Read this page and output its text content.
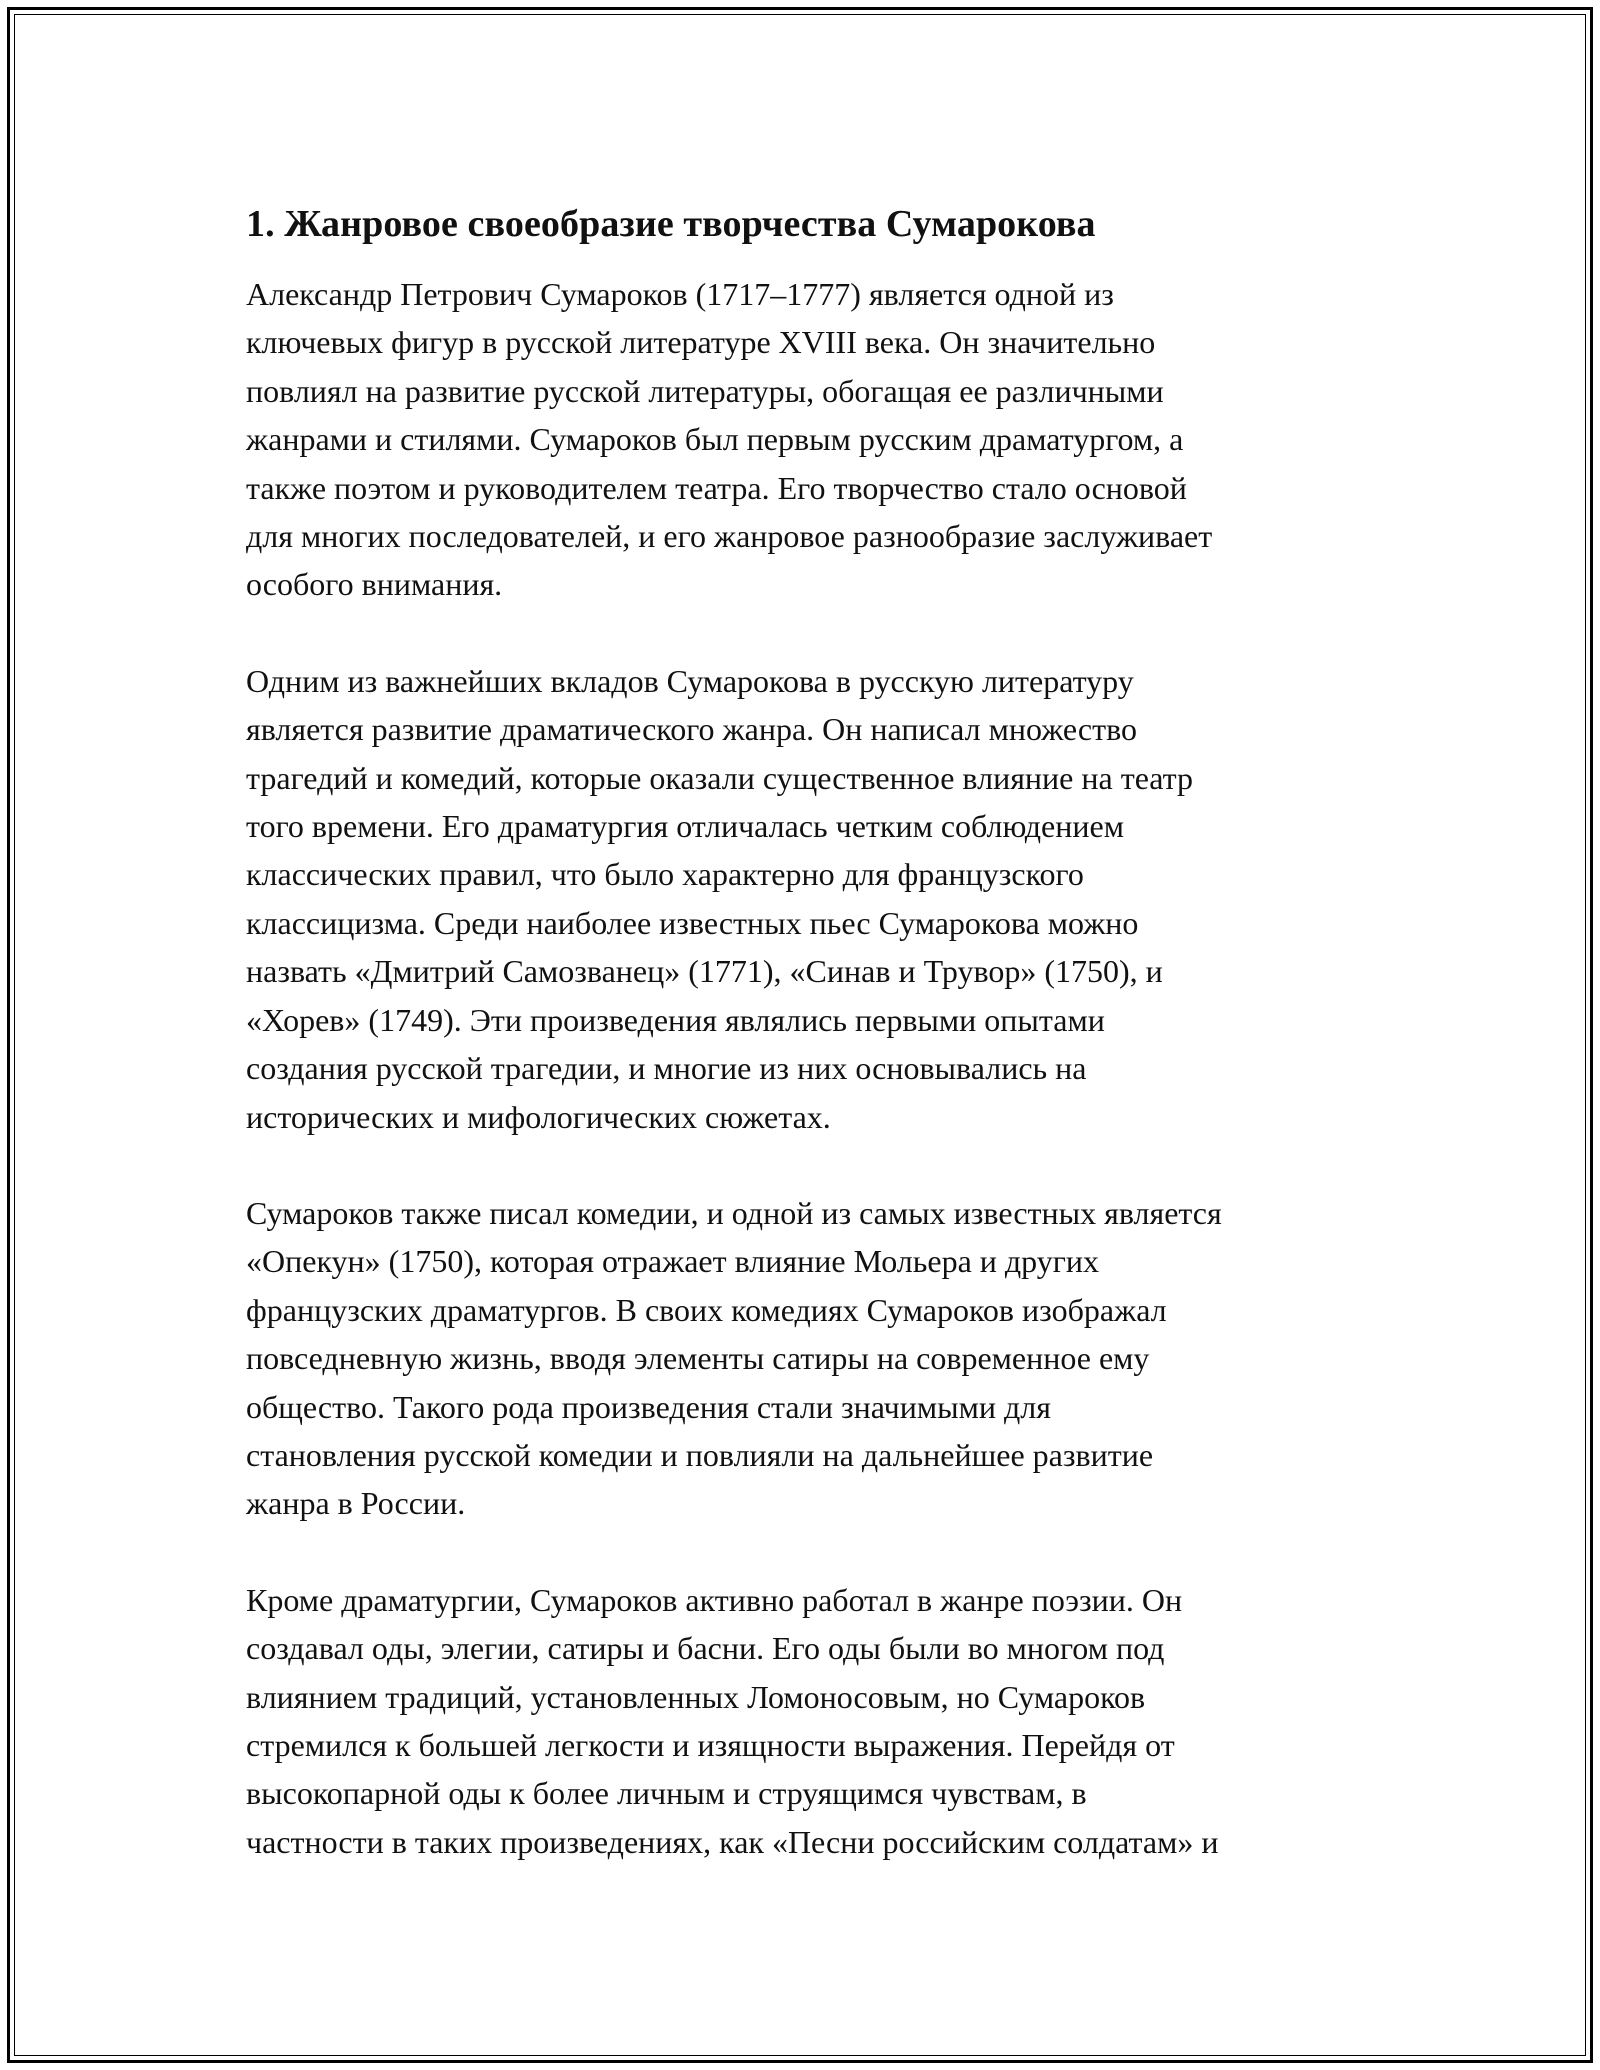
1. Жанровое своеобразие творчества Сумарокова
Александр Петрович Сумароков (1717–1777) является одной из
ключевых фигур в русской литературе XVIII века. Он значительно
повлиял на развитие русской литературы, обогащая ее различными
жанрами и стилями. Сумароков был первым русским драматургом, а
также поэтом и руководителем театра. Его творчество стало основой
для многих последователей, и его жанровое разнообразие заслуживает
особого внимания.
Одним из важнейших вкладов Сумарокова в русскую литературу
является развитие драматического жанра. Он написал множество
трагедий и комедий, которые оказали существенное влияние на театр
того времени. Его драматургия отличалась четким соблюдением
классических правил, что было характерно для французского
классицизма. Среди наиболее известных пьес Сумарокова можно
назвать «Дмитрий Самозванец» (1771), «Синав и Трувор» (1750), и
«Хорев» (1749). Эти произведения являлись первыми опытами
создания русской трагедии, и многие из них основывались на
исторических и мифологических сюжетах.
Сумароков также писал комедии, и одной из самых известных является
«Опекун» (1750), которая отражает влияние Мольера и других
французских драматургов. В своих комедиях Сумароков изображал
повседневную жизнь, вводя элементы сатиры на современное ему
общество. Такого рода произведения стали значимыми для
становления русской комедии и повлияли на дальнейшее развитие
жанра в России.
Кроме драматургии, Сумароков активно работал в жанре поэзии. Он
создавал оды, элегии, сатиры и басни. Его оды были во многом под
влиянием традиций, установленных Ломоносовым, но Сумароков
стремился к большей легкости и изящности выражения. Перейдя от
высокопарной оды к более личным и струящимся чувствам, в
частности в таких произведениях, как «Песни российским солдатам» и
